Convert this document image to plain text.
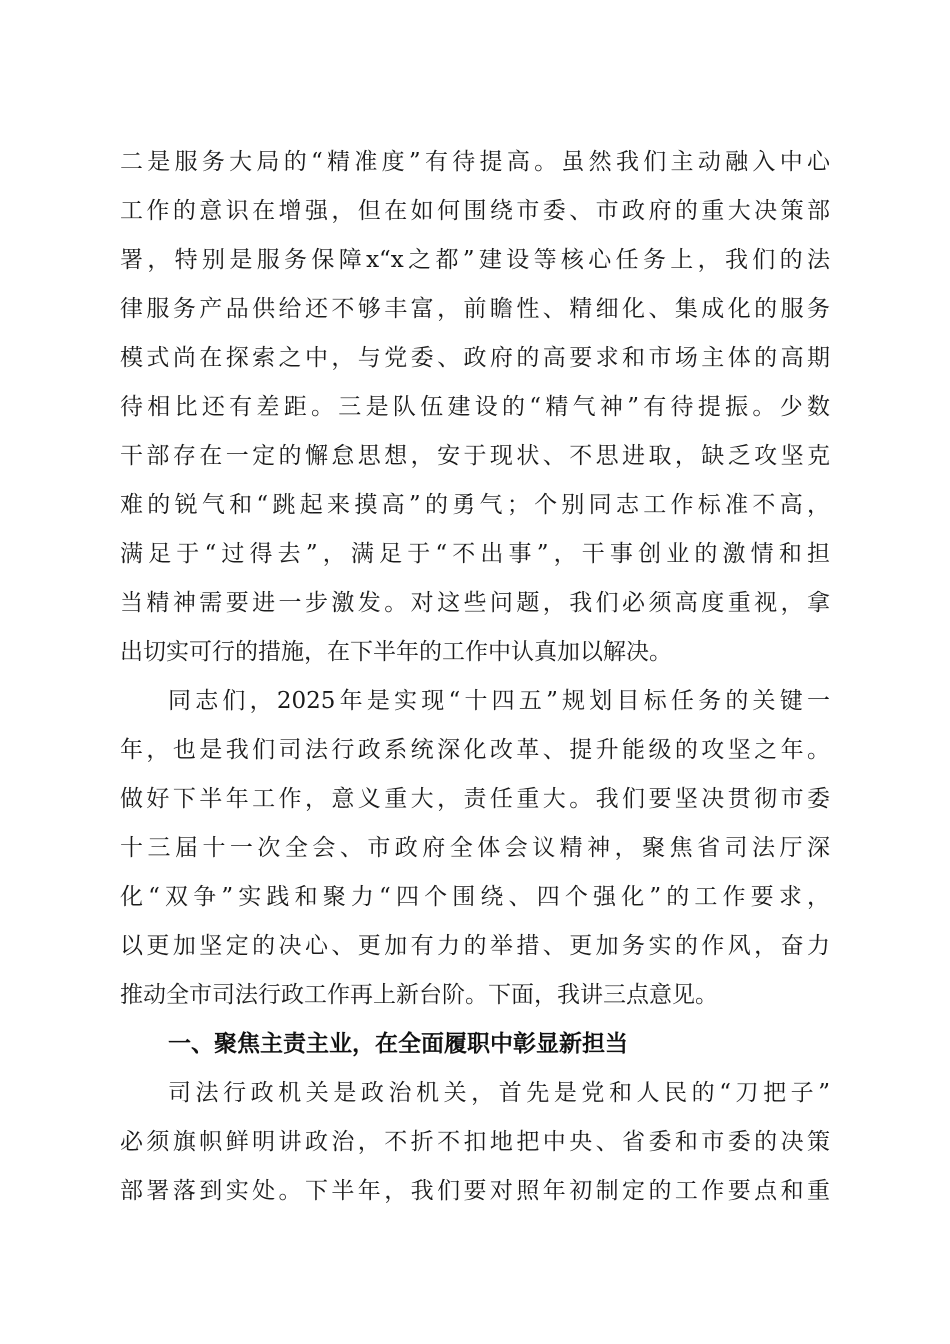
二是服务大局的“精准度”有待提高。虽然我们主动融入中心
工作的意识在增强，但在如何围绕市委、市政府的重大决策部
署，特别是服务保障x“x之都”建设等核心任务上，我们的法
律服务产品供给还不够丰富，前瞻性、精细化、集成化的服务
模式尚在探索之中，与党委、政府的高要求和市场主体的高期
待相比还有差距。三是队伍建设的“精气神”有待提振。少数
干部存在一定的懈怠思想，安于现状、不思进取，缺乏攻坚克
难的锐气和“跳起来摸高”的勇气；个别同志工作标准不高，
满足于“过得去”，满足于“不出事”，干事创业的激情和担
当精神需要进一步激发。对这些问题，我们必须高度重视，拿
出切实可行的措施，在下半年的工作中认真加以解决。
同志们，2025年是实现“十四五”规划目标任务的关键一
年，也是我们司法行政系统深化改革、提升能级的攻坚之年。
做好下半年工作，意义重大，责任重大。我们要坚决贯彻市委
十三届十一次全会、市政府全体会议精神，聚焦省司法厅深
化“双争”实践和聚力“四个围绕、四个强化”的工作要求，
以更加坚定的决心、更加有力的举措、更加务实的作风，奋力
推动全市司法行政工作再上新台阶。下面，我讲三点意见。
一、聚焦主责主业，在全面履职中彰显新担当
司法行政机关是政治机关，首先是党和人民的“刀把子”
必须旗帜鲜明讲政治，不折不扣地把中央、省委和市委的决策
部署落到实处。下半年，我们要对照年初制定的工作要点和重
